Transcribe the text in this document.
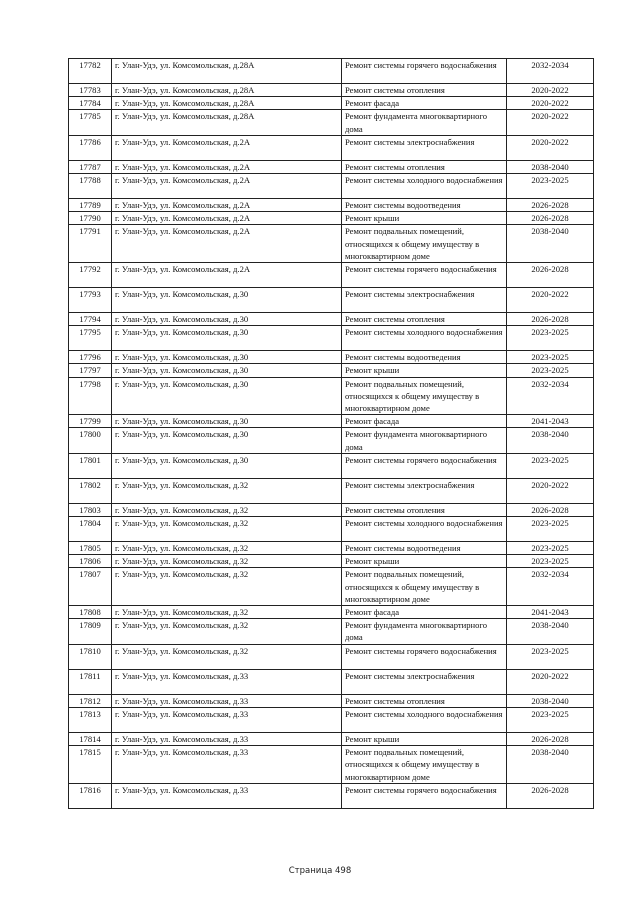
17782	г. Улан-Удэ, ул. Комсомольская, д.28А	Ремонт системы горячего водоснабжения	2032-2034
17783	г. Улан-Удэ, ул. Комсомольская, д.28А	Ремонт системы отопления	2020-2022
17784	г. Улан-Удэ, ул. Комсомольская, д.28А	Ремонт фасада	2020-2022
17785	г. Улан-Удэ, ул. Комсомольская, д.28А	Ремонт фундамента многоквартирного дома	2020-2022
17786	г. Улан-Удэ, ул. Комсомольская, д.2А	Ремонт системы электроснабжения	2020-2022
17787	г. Улан-Удэ, ул. Комсомольская, д.2А	Ремонт системы отопления	2038-2040
17788	г. Улан-Удэ, ул. Комсомольская, д.2А	Ремонт системы холодного водоснабжения	2023-2025
17789	г. Улан-Удэ, ул. Комсомольская, д.2А	Ремонт системы водоотведения	2026-2028
17790	г. Улан-Удэ, ул. Комсомольская, д.2А	Ремонт крыши	2026-2028
17791	г. Улан-Удэ, ул. Комсомольская, д.2А	Ремонт подвальных помещений, относящихся к общему имуществу в многоквартирном доме	2038-2040
17792	г. Улан-Удэ, ул. Комсомольская, д.2А	Ремонт системы горячего водоснабжения	2026-2028
17793	г. Улан-Удэ, ул. Комсомольская, д.30	Ремонт системы электроснабжения	2020-2022
17794	г. Улан-Удэ, ул. Комсомольская, д.30	Ремонт системы отопления	2026-2028
17795	г. Улан-Удэ, ул. Комсомольская, д.30	Ремонт системы холодного водоснабжения	2023-2025
17796	г. Улан-Удэ, ул. Комсомольская, д.30	Ремонт системы водоотведения	2023-2025
17797	г. Улан-Удэ, ул. Комсомольская, д.30	Ремонт крыши	2023-2025
17798	г. Улан-Удэ, ул. Комсомольская, д.30	Ремонт подвальных помещений, относящихся к общему имуществу в многоквартирном доме	2032-2034
17799	г. Улан-Удэ, ул. Комсомольская, д.30	Ремонт фасада	2041-2043
17800	г. Улан-Удэ, ул. Комсомольская, д.30	Ремонт фундамента многоквартирного дома	2038-2040
17801	г. Улан-Удэ, ул. Комсомольская, д.30	Ремонт системы горячего водоснабжения	2023-2025
17802	г. Улан-Удэ, ул. Комсомольская, д.32	Ремонт системы электроснабжения	2020-2022
17803	г. Улан-Удэ, ул. Комсомольская, д.32	Ремонт системы отопления	2026-2028
17804	г. Улан-Удэ, ул. Комсомольская, д.32	Ремонт системы холодного водоснабжения	2023-2025
17805	г. Улан-Удэ, ул. Комсомольская, д.32	Ремонт системы водоотведения	2023-2025
17806	г. Улан-Удэ, ул. Комсомольская, д.32	Ремонт крыши	2023-2025
17807	г. Улан-Удэ, ул. Комсомольская, д.32	Ремонт подвальных помещений, относящихся к общему имуществу в многоквартирном доме	2032-2034
17808	г. Улан-Удэ, ул. Комсомольская, д.32	Ремонт фасада	2041-2043
17809	г. Улан-Удэ, ул. Комсомольская, д.32	Ремонт фундамента многоквартирного дома	2038-2040
17810	г. Улан-Удэ, ул. Комсомольская, д.32	Ремонт системы горячего водоснабжения	2023-2025
17811	г. Улан-Удэ, ул. Комсомольская, д.33	Ремонт системы электроснабжения	2020-2022
17812	г. Улан-Удэ, ул. Комсомольская, д.33	Ремонт системы отопления	2038-2040
17813	г. Улан-Удэ, ул. Комсомольская, д.33	Ремонт системы холодного водоснабжения	2023-2025
17814	г. Улан-Удэ, ул. Комсомольская, д.33	Ремонт крыши	2026-2028
17815	г. Улан-Удэ, ул. Комсомольская, д.33	Ремонт подвальных помещений, относящихся к общему имуществу в многоквартирном доме	2038-2040
17816	г. Улан-Удэ, ул. Комсомольская, д.33	Ремонт системы горячего водоснабжения	2026-2028
Страница 498
